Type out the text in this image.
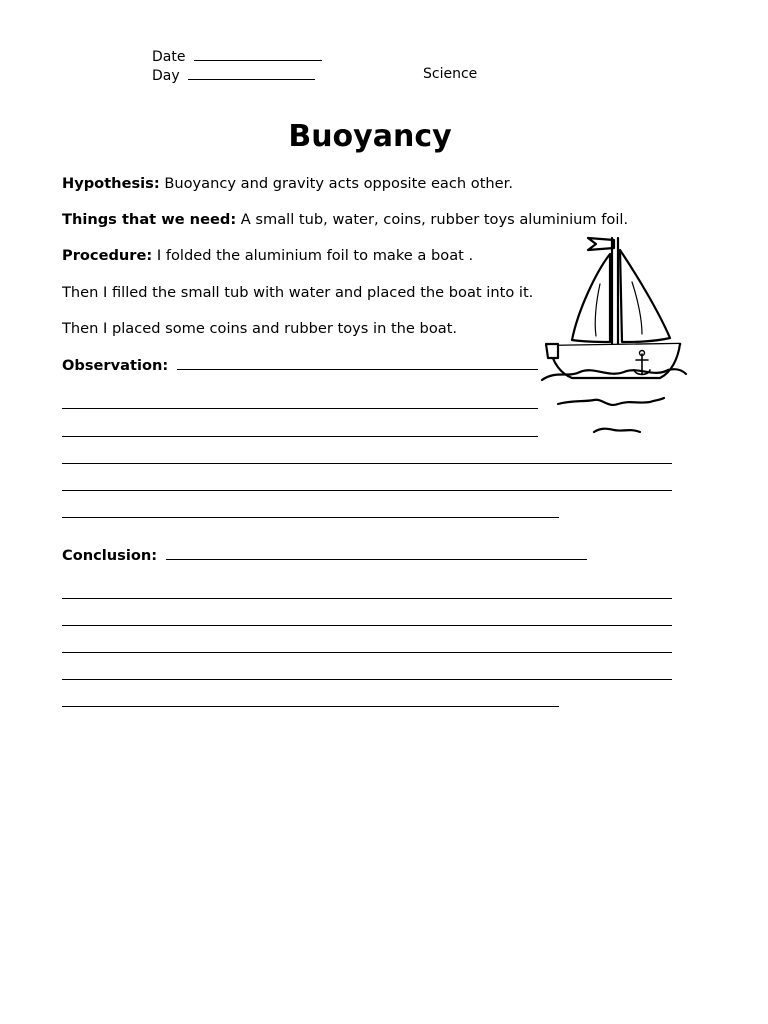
Date
Day	Science
Buoyancy
Hypothesis: Buoyancy and gravity acts opposite each other.
Things that we need: A small tub, water, coins, rubber toys aluminium foil.
Procedure: I folded the aluminium foil to make a boat .
Then I filled the small tub with water and placed the boat into it.
Then I placed some coins and rubber toys in the boat.
Observation:
Conclusion:
